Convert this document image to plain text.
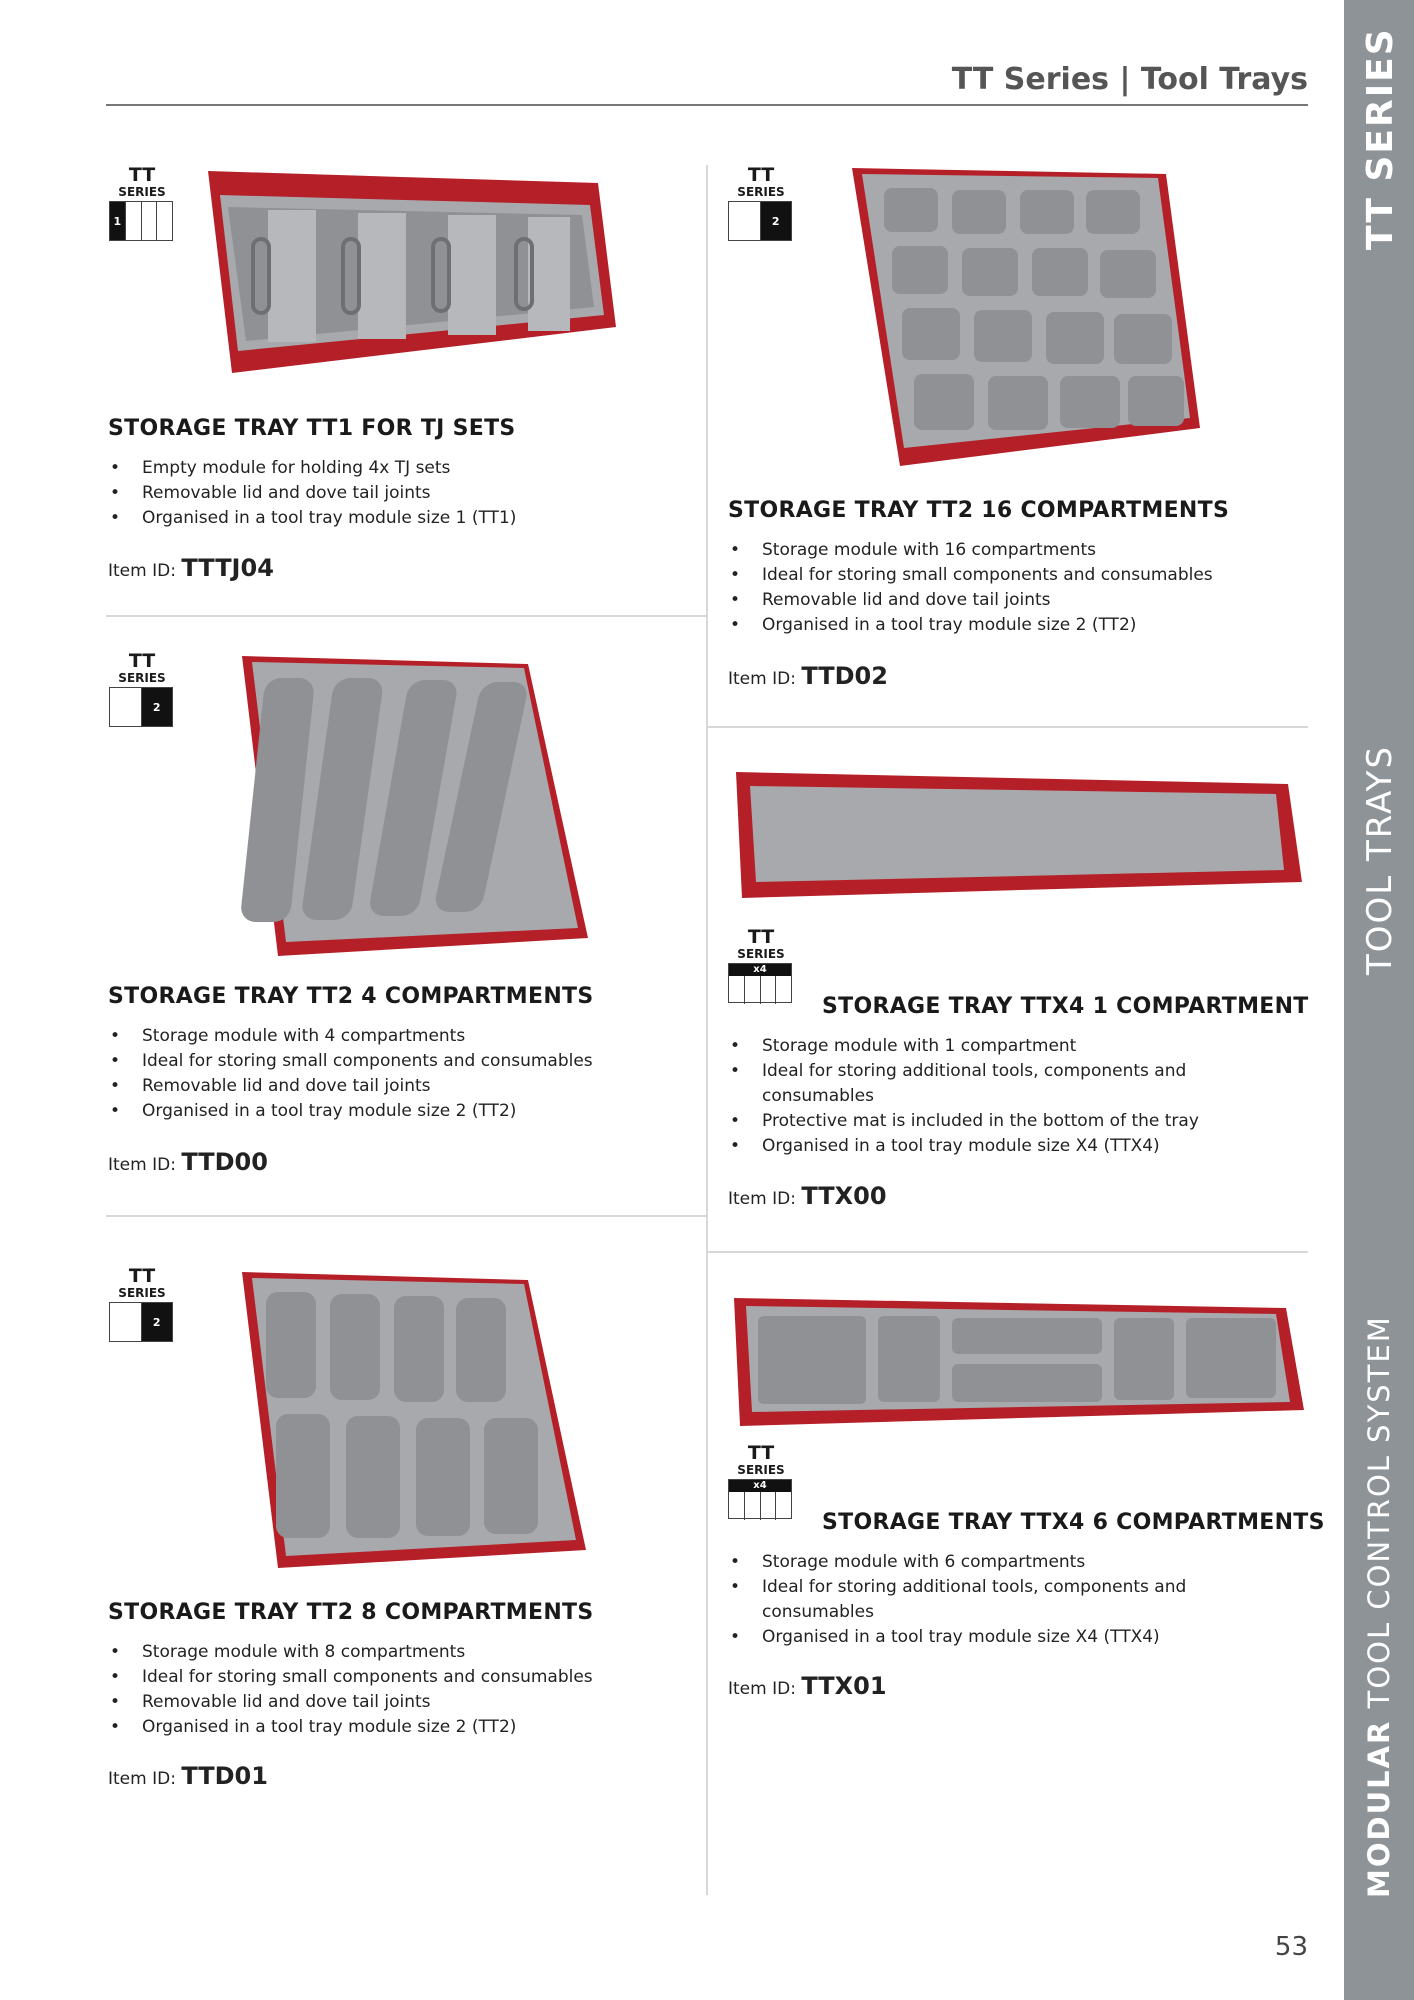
TT Series | Tool Trays TT SERIES
TOOL TRAYS
MODULAR TOOL CONTROL SYSTEM
TT
SERIES
1
STORAGE TRAY TT1 FOR TJ SETS
• Empty module for holding 4x TJ sets
• Removable lid and dove tail joints
• Organised in a tool tray module size 1 (TT1)
Item ID: TTTJ04
TT
SERIES
2
STORAGE TRAY TT2 16 COMPARTMENTS
• Storage module with 16 compartments
• Ideal for storing small components and consumables
• Removable lid and dove tail joints
• Organised in a tool tray module size 2 (TT2)
Item ID: TTD02
TT
SERIES
2
STORAGE TRAY TT2 4 COMPARTMENTS
• Storage module with 4 compartments
• Ideal for storing small components and consumables
• Removable lid and dove tail joints
• Organised in a tool tray module size 2 (TT2)
Item ID: TTD00
TT
SERIES
x4
STORAGE TRAY TTX4 1 COMPARTMENT
• Storage module with 1 compartment
• Ideal for storing additional tools, components and consumables
• Protective mat is included in the bottom of the tray
• Organised in a tool tray module size X4 (TTX4)
Item ID: TTX00
TT
SERIES
2
STORAGE TRAY TT2 8 COMPARTMENTS
• Storage module with 8 compartments
• Ideal for storing small components and consumables
• Removable lid and dove tail joints
• Organised in a tool tray module size 2 (TT2)
Item ID: TTD01
TT
SERIES
x4
STORAGE TRAY TTX4 6 COMPARTMENTS
• Storage module with 6 compartments
• Ideal for storing additional tools, components and consumables
• Organised in a tool tray module size X4 (TTX4)
Item ID: TTX01
53
